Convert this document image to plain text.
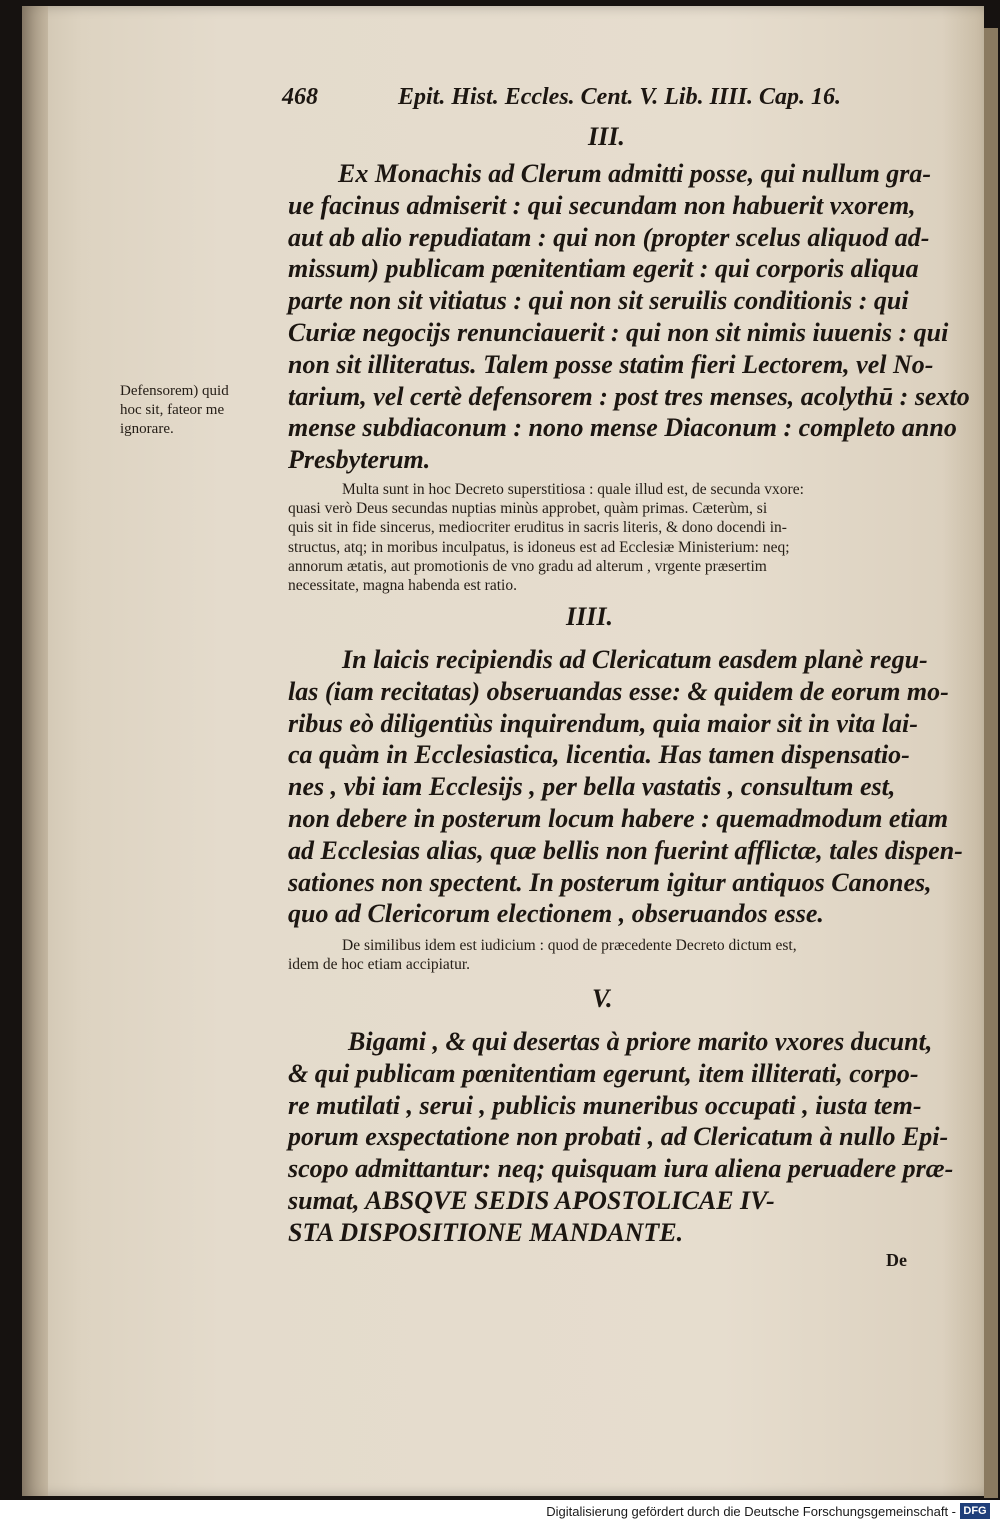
468	Epit. Hist. Eccles. Cent. V. Lib. IIII. Cap. 16.
III.
Ex Monachis ad Clerum admitti posse, qui nullum gra-
ue facinus admiserit : qui secundam non habuerit vxorem,
aut ab alio repudiatam : qui non (propter scelus aliquod ad-
missum) publicam pœnitentiam egerit : qui corporis aliqua
parte non sit vitiatus : qui non sit seruilis conditionis : qui
Curiæ negocijs renunciauerit : qui non sit nimis iuuenis : qui
non sit illiteratus. Talem posse statim fieri Lectorem, vel No-
tarium, vel certè defensorem : post tres menses, acolythū : sexto
mense subdiaconum : nono mense Diaconum : completo anno
Presbyterum.
Multa sunt in hoc Decreto superstitiosa : quale illud est, de secunda vxore:
quasi verò Deus secundas nuptias minùs approbet, quàm primas. Cæterùm, si
quis sit in fide sincerus, mediocriter eruditus in sacris literis, & dono docendi in-
structus, atq; in moribus inculpatus, is idoneus est ad Ecclesiæ Ministerium: neq;
annorum ætatis, aut promotionis de vno gradu ad alterum , vrgente præsertim
necessitate, magna habenda est ratio.
Defensorem) quid
hoc sit, fateor me
ignorare.
IIII.
In laicis recipiendis ad Clericatum easdem planè regu-
las (iam recitatas) obseruandas esse: & quidem de eorum mo-
ribus eò diligentiùs inquirendum, quia maior sit in vita lai-
ca quàm in Ecclesiastica, licentia. Has tamen dispensatio-
nes , vbi iam Ecclesijs , per bella vastatis , consultum est,
non debere in posterum locum habere : quemadmodum etiam
ad Ecclesias alias, quæ bellis non fuerint afflictæ, tales dispen-
sationes non spectent. In posterum igitur antiquos Canones,
quo ad Clericorum electionem , obseruandos esse.
De similibus idem est iudicium : quod de præcedente Decreto dictum est,
idem de hoc etiam accipiatur.
V.
Bigami , & qui desertas à priore marito vxores ducunt,
& qui publicam pœnitentiam egerunt, item illiterati, corpo-
re mutilati , serui , publicis muneribus occupati , iusta tem-
porum exspectatione non probati , ad Clericatum à nullo Epi-
scopo admittantur: neq; quisquam iura aliena peruadere præ-
sumat, ABSQVE SEDIS APOSTOLICAE IV-
STA DISPOSITIONE MANDANTE.
De
Digitalisierung gefördert durch die Deutsche Forschungsgemeinschaft - DFG
